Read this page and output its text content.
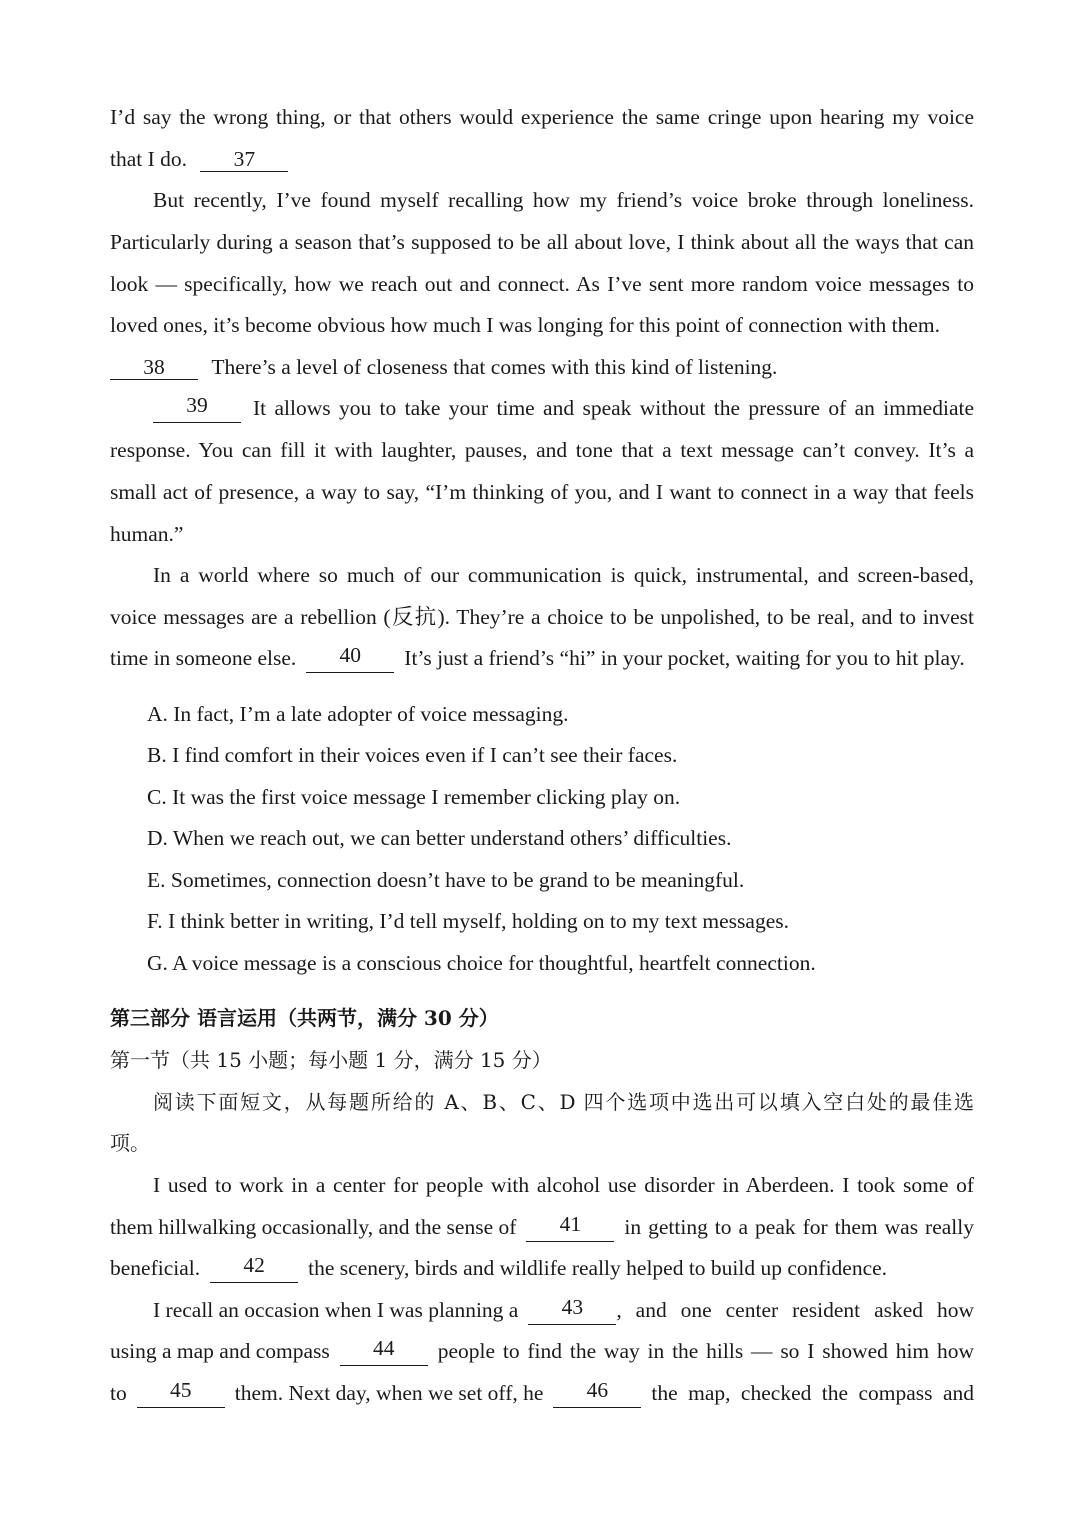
I’d say the wrong thing, or that others would experience the same cringe upon hearing my voice
that I do. 37
But recently, I’ve found myself recalling how my friend’s voice broke through loneliness.
Particularly during a season that’s supposed to be all about love, I think about all the ways that can
look — specifically, how we reach out and connect. As I’ve sent more random voice messages to
loved ones, it’s become obvious how much I was longing for this point of connection with them.
38 There’s a level of closeness that comes with this kind of listening.
39	It allows you to take your time and speak without the pressure of an immediate
response. You can fill it with laughter, pauses, and tone that a text message can’t convey. It’s a
small act of presence, a way to say, “I’m thinking of you, and I want to connect in a way that feels
human.”
In a world where so much of our communication is quick, instrumental, and screen-based,
voice messages are a rebellion (反抗). They’re a choice to be unpolished, to be real, and to invest
time in someone else.	40	It’s just a friend’s “hi” in your pocket, waiting for you to hit play.
A. In fact, I’m a late adopter of voice messaging.
B. I find comfort in their voices even if I can’t see their faces.
C. It was the first voice message I remember clicking play on.
D. When we reach out, we can better understand others’ difficulties.
E. Sometimes, connection doesn’t have to be grand to be meaningful.
F. I think better in writing, I’d tell myself, holding on to my text messages.
G. A voice message is a conscious choice for thoughtful, heartfelt connection.
第三部分 语言运用（共两节，满分 30 分）
第一节（共 15 小题；每小题 1 分，满分 15 分）
阅读下面短文，从每题所给的 A、B、C、D 四个选项中选出可以填入空白处的最佳选
项。
I used to work in a center for people with alcohol use disorder in Aberdeen. I took some of
them hillwalking occasionally, and the sense of	41	in getting to a peak for them was really
beneficial.	42	the scenery, birds and wildlife really helped to build up confidence.
I recall an occasion when I was planning a	43	, and one center resident asked how
using a map and compass	44	people to find the way in the hills — so I showed him how
to	45	them. Next day, when we set off, he	46	the map, checked the compass and
